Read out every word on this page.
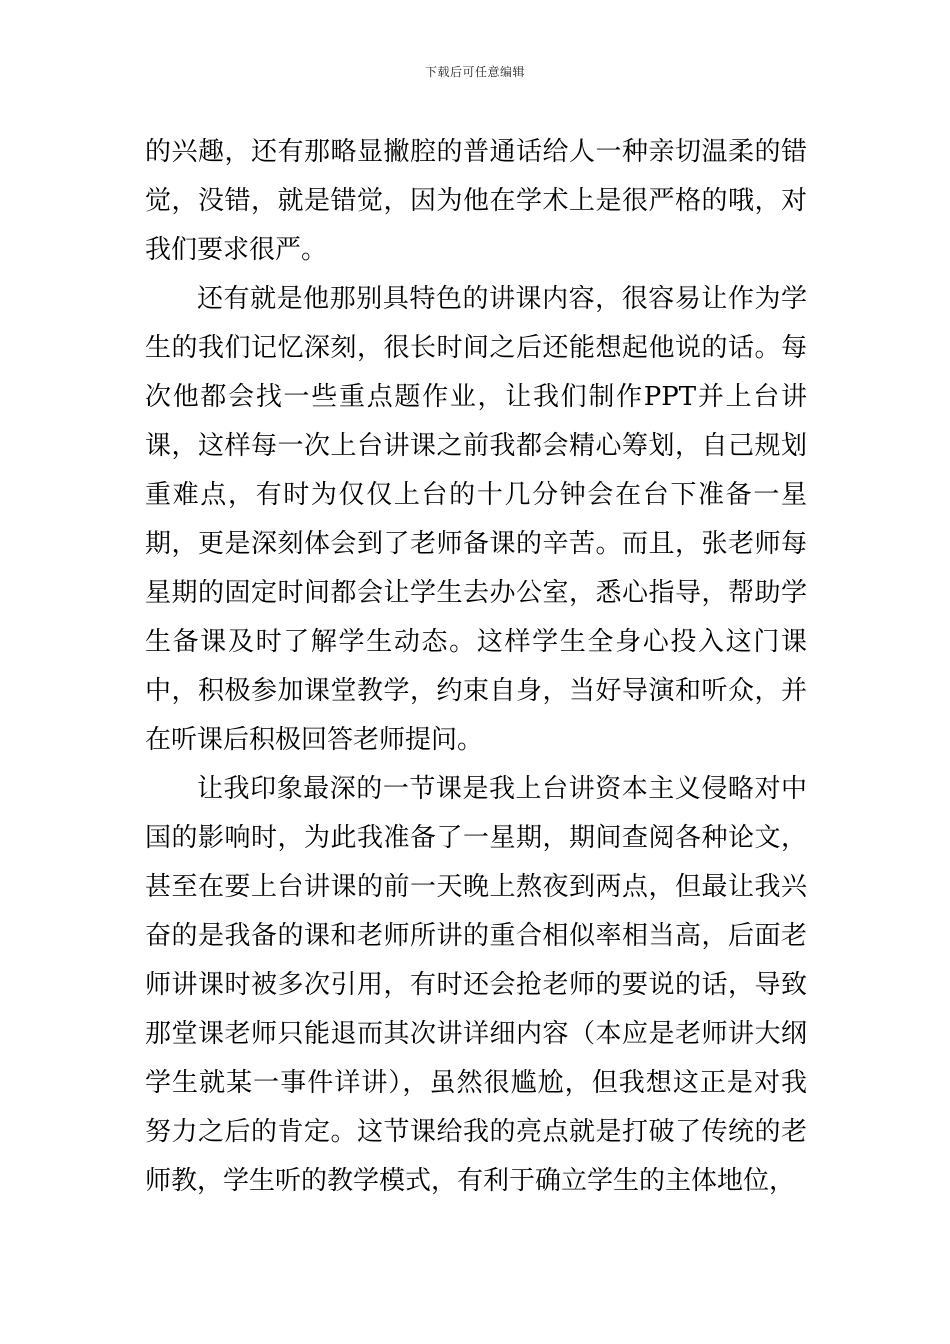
下载后可任意编辑

的兴趣，还有那略显撇腔的普通话给人一种亲切温柔的错觉，没错，就是错觉，因为他在学术上是很严格的哦，对我们要求很严。

还有就是他那别具特色的讲课内容，很容易让作为学生的我们记忆深刻，很长时间之后还能想起他说的话。每次他都会找一些重点题作业，让我们制作PPT并上台讲课，这样每一次上台讲课之前我都会精心筹划，自己规划重难点，有时为仅仅上台的十几分钟会在台下准备一星期，更是深刻体会到了老师备课的辛苦。而且，张老师每星期的固定时间都会让学生去办公室，悉心指导，帮助学生备课及时了解学生动态。这样学生全身心投入这门课中，积极参加课堂教学，约束自身，当好导演和听众，并在听课后积极回答老师提问。

让我印象最深的一节课是我上台讲资本主义侵略对中国的影响时，为此我准备了一星期，期间查阅各种论文，甚至在要上台讲课的前一天晚上熬夜到两点，但最让我兴奋的是我备的课和老师所讲的重合相似率相当高，后面老师讲课时被多次引用，有时还会抢老师的要说的话，导致那堂课老师只能退而其次讲详细内容（本应是老师讲大纲学生就某一事件详讲），虽然很尴尬，但我想这正是对我努力之后的肯定。这节课给我的亮点就是打破了传统的老师教，学生听的教学模式，有利于确立学生的主体地位，
